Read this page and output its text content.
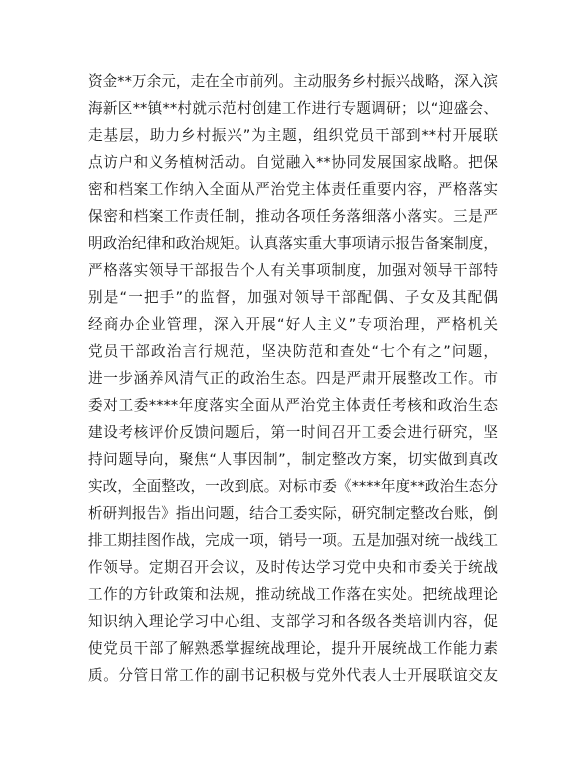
资金**万余元，走在全市前列。主动服务乡村振兴战略，深入滨
海新区**镇**村就示范村创建工作进行专题调研；以“迎盛会、
走基层，助力乡村振兴”为主题，组织党员干部到**村开展联
点访户和义务植树活动。自觉融入**协同发展国家战略。把保
密和档案工作纳入全面从严治党主体责任重要内容，严格落实
保密和档案工作责任制，推动各项任务落细落小落实。三是严
明政治纪律和政治规矩。认真落实重大事项请示报告备案制度，
严格落实领导干部报告个人有关事项制度，加强对领导干部特
别是“一把手”的监督，加强对领导干部配偶、子女及其配偶
经商办企业管理，深入开展“好人主义”专项治理，严格机关
党员干部政治言行规范，坚决防范和查处“七个有之”问题，
进一步涵养风清气正的政治生态。四是严肃开展整改工作。市
委对工委****年度落实全面从严治党主体责任考核和政治生态
建设考核评价反馈问题后，第一时间召开工委会进行研究，坚
持问题导向，聚焦“人事因制”，制定整改方案，切实做到真改
实改，全面整改，一改到底。对标市委《****年度**政治生态分
析研判报告》指出问题，结合工委实际，研究制定整改台账，倒
排工期挂图作战，完成一项，销号一项。五是加强对统一战线工
作领导。定期召开会议，及时传达学习党中央和市委关于统战
工作的方针政策和法规，推动统战工作落在实处。把统战理论
知识纳入理论学习中心组、支部学习和各级各类培训内容，促
使党员干部了解熟悉掌握统战理论，提升开展统战工作能力素
质。分管日常工作的副书记积极与党外代表人士开展联谊交友
